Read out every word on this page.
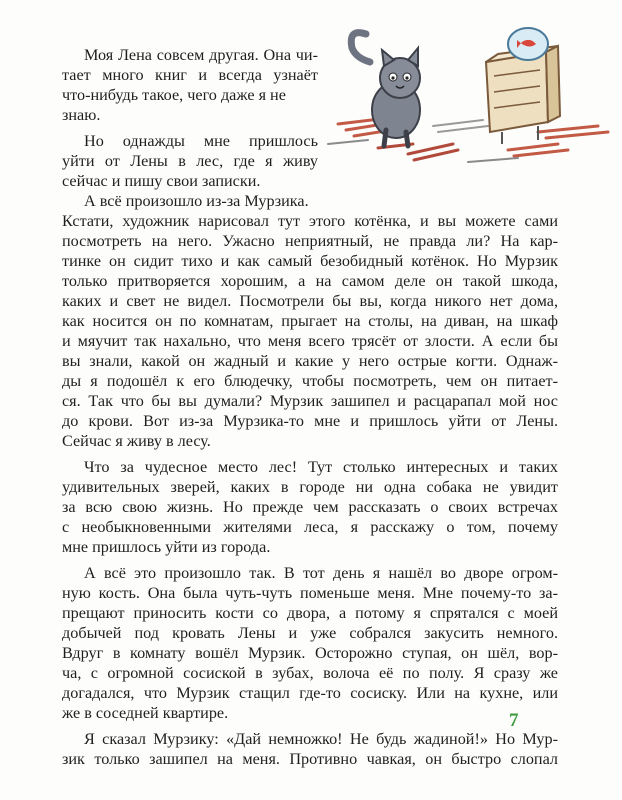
Моя Лена совсем другая. Она чи-
тает много книг и всегда узнаёт
что-нибудь такое, чего даже я не
знаю.
Но однажды мне пришлось
уйти от Лены в лес, где я живу
сейчас и пишу свои записки.
А всё произошло из-за Мурзика.
Кстати, художник нарисовал тут этого котёнка, и вы можете сами
посмотреть на него. Ужасно неприятный, не правда ли? На кар-
тинке он сидит тихо и как самый безобидный котёнок. Но Мурзик
только притворяется хорошим, а на самом деле он такой шкода,
каких и свет не видел. Посмотрели бы вы, когда никого нет дома,
как носится он по комнатам, прыгает на столы, на диван, на шкаф
и мяучит так нахально, что меня всего трясёт от злости. А если бы
вы знали, какой он жадный и какие у него острые когти. Однаж-
ды я подошёл к его блюдечку, чтобы посмотреть, чем он питает-
ся. Так что бы вы думали? Мурзик зашипел и расцарапал мой нос
до крови. Вот из-за Мурзика-то мне и пришлось уйти от Лены.
Сейчас я живу в лесу.
Что за чудесное место лес! Тут столько интересных и таких
удивительных зверей, каких в городе ни одна собака не увидит
за всю свою жизнь. Но прежде чем рассказать о своих встречах
с необыкновенными жителями леса, я расскажу о том, почему
мне пришлось уйти из города.
А всё это произошло так. В тот день я нашёл во дворе огром-
ную кость. Она была чуть-чуть поменьше меня. Мне почему-то за-
прещают приносить кости со двора, а потому я спрятался с моей
добычей под кровать Лены и уже собрался закусить немного.
Вдруг в комнату вошёл Мурзик. Осторожно ступая, он шёл, вор-
ча, с огромной сосиской в зубах, волоча её по полу. Я сразу же
догадался, что Мурзик стащил где-то сосиску. Или на кухне, или
же в соседней квартире.
Я сказал Мурзику: «Дай немножко! Не будь жадиной!» Но Мур-
зик только зашипел на меня. Противно чавкая, он быстро слопал
7
